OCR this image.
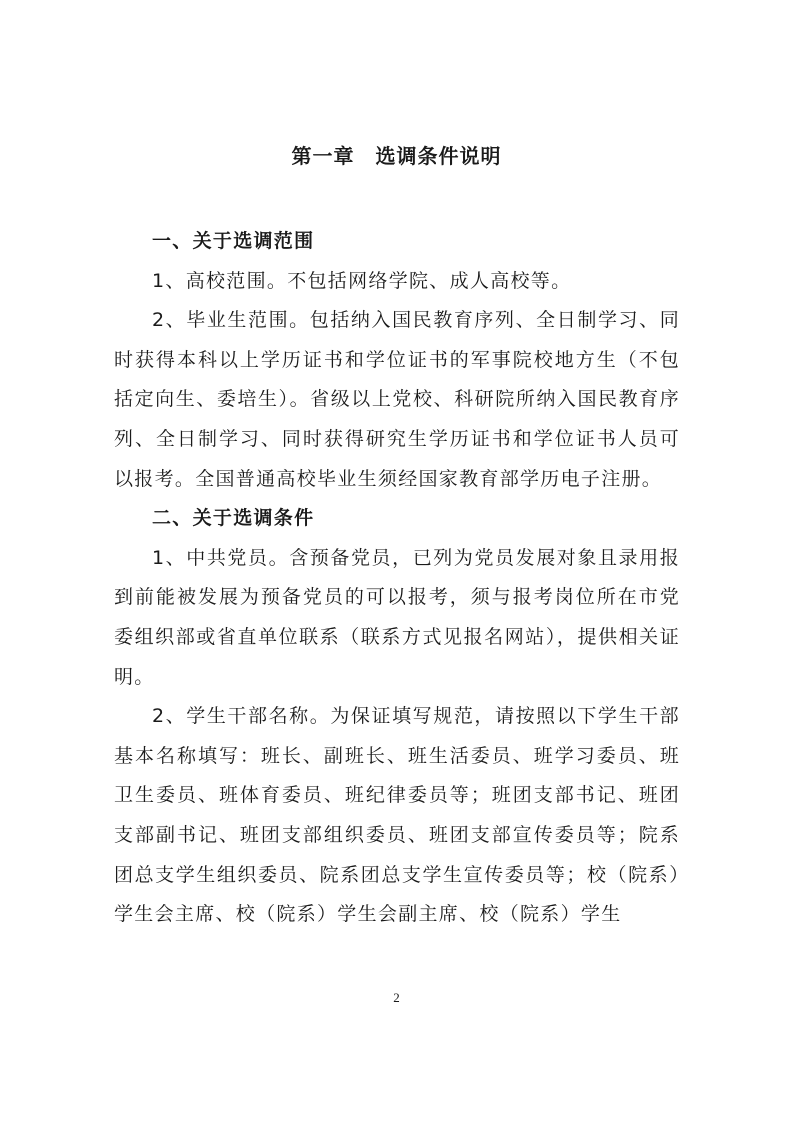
第一章　选调条件说明

一、关于选调范围

1、高校范围。不包括网络学院、成人高校等。

2、毕业生范围。包括纳入国民教育序列、全日制学习、同时获得本科以上学历证书和学位证书的军事院校地方生（不包括定向生、委培生）。省级以上党校、科研院所纳入国民教育序列、全日制学习、同时获得研究生学历证书和学位证书人员可以报考。全国普通高校毕业生须经国家教育部学历电子注册。

二、关于选调条件

1、中共党员。含预备党员，已列为党员发展对象且录用报到前能被发展为预备党员的可以报考，须与报考岗位所在市党委组织部或省直单位联系（联系方式见报名网站），提供相关证明。

2、学生干部名称。为保证填写规范，请按照以下学生干部基本名称填写：班长、副班长、班生活委员、班学习委员、班卫生委员、班体育委员、班纪律委员等；班团支部书记、班团支部副书记、班团支部组织委员、班团支部宣传委员等；院系团总支学生组织委员、院系团总支学生宣传委员等；校（院系）学生会主席、校（院系）学生会副主席、校（院系）学生

2
